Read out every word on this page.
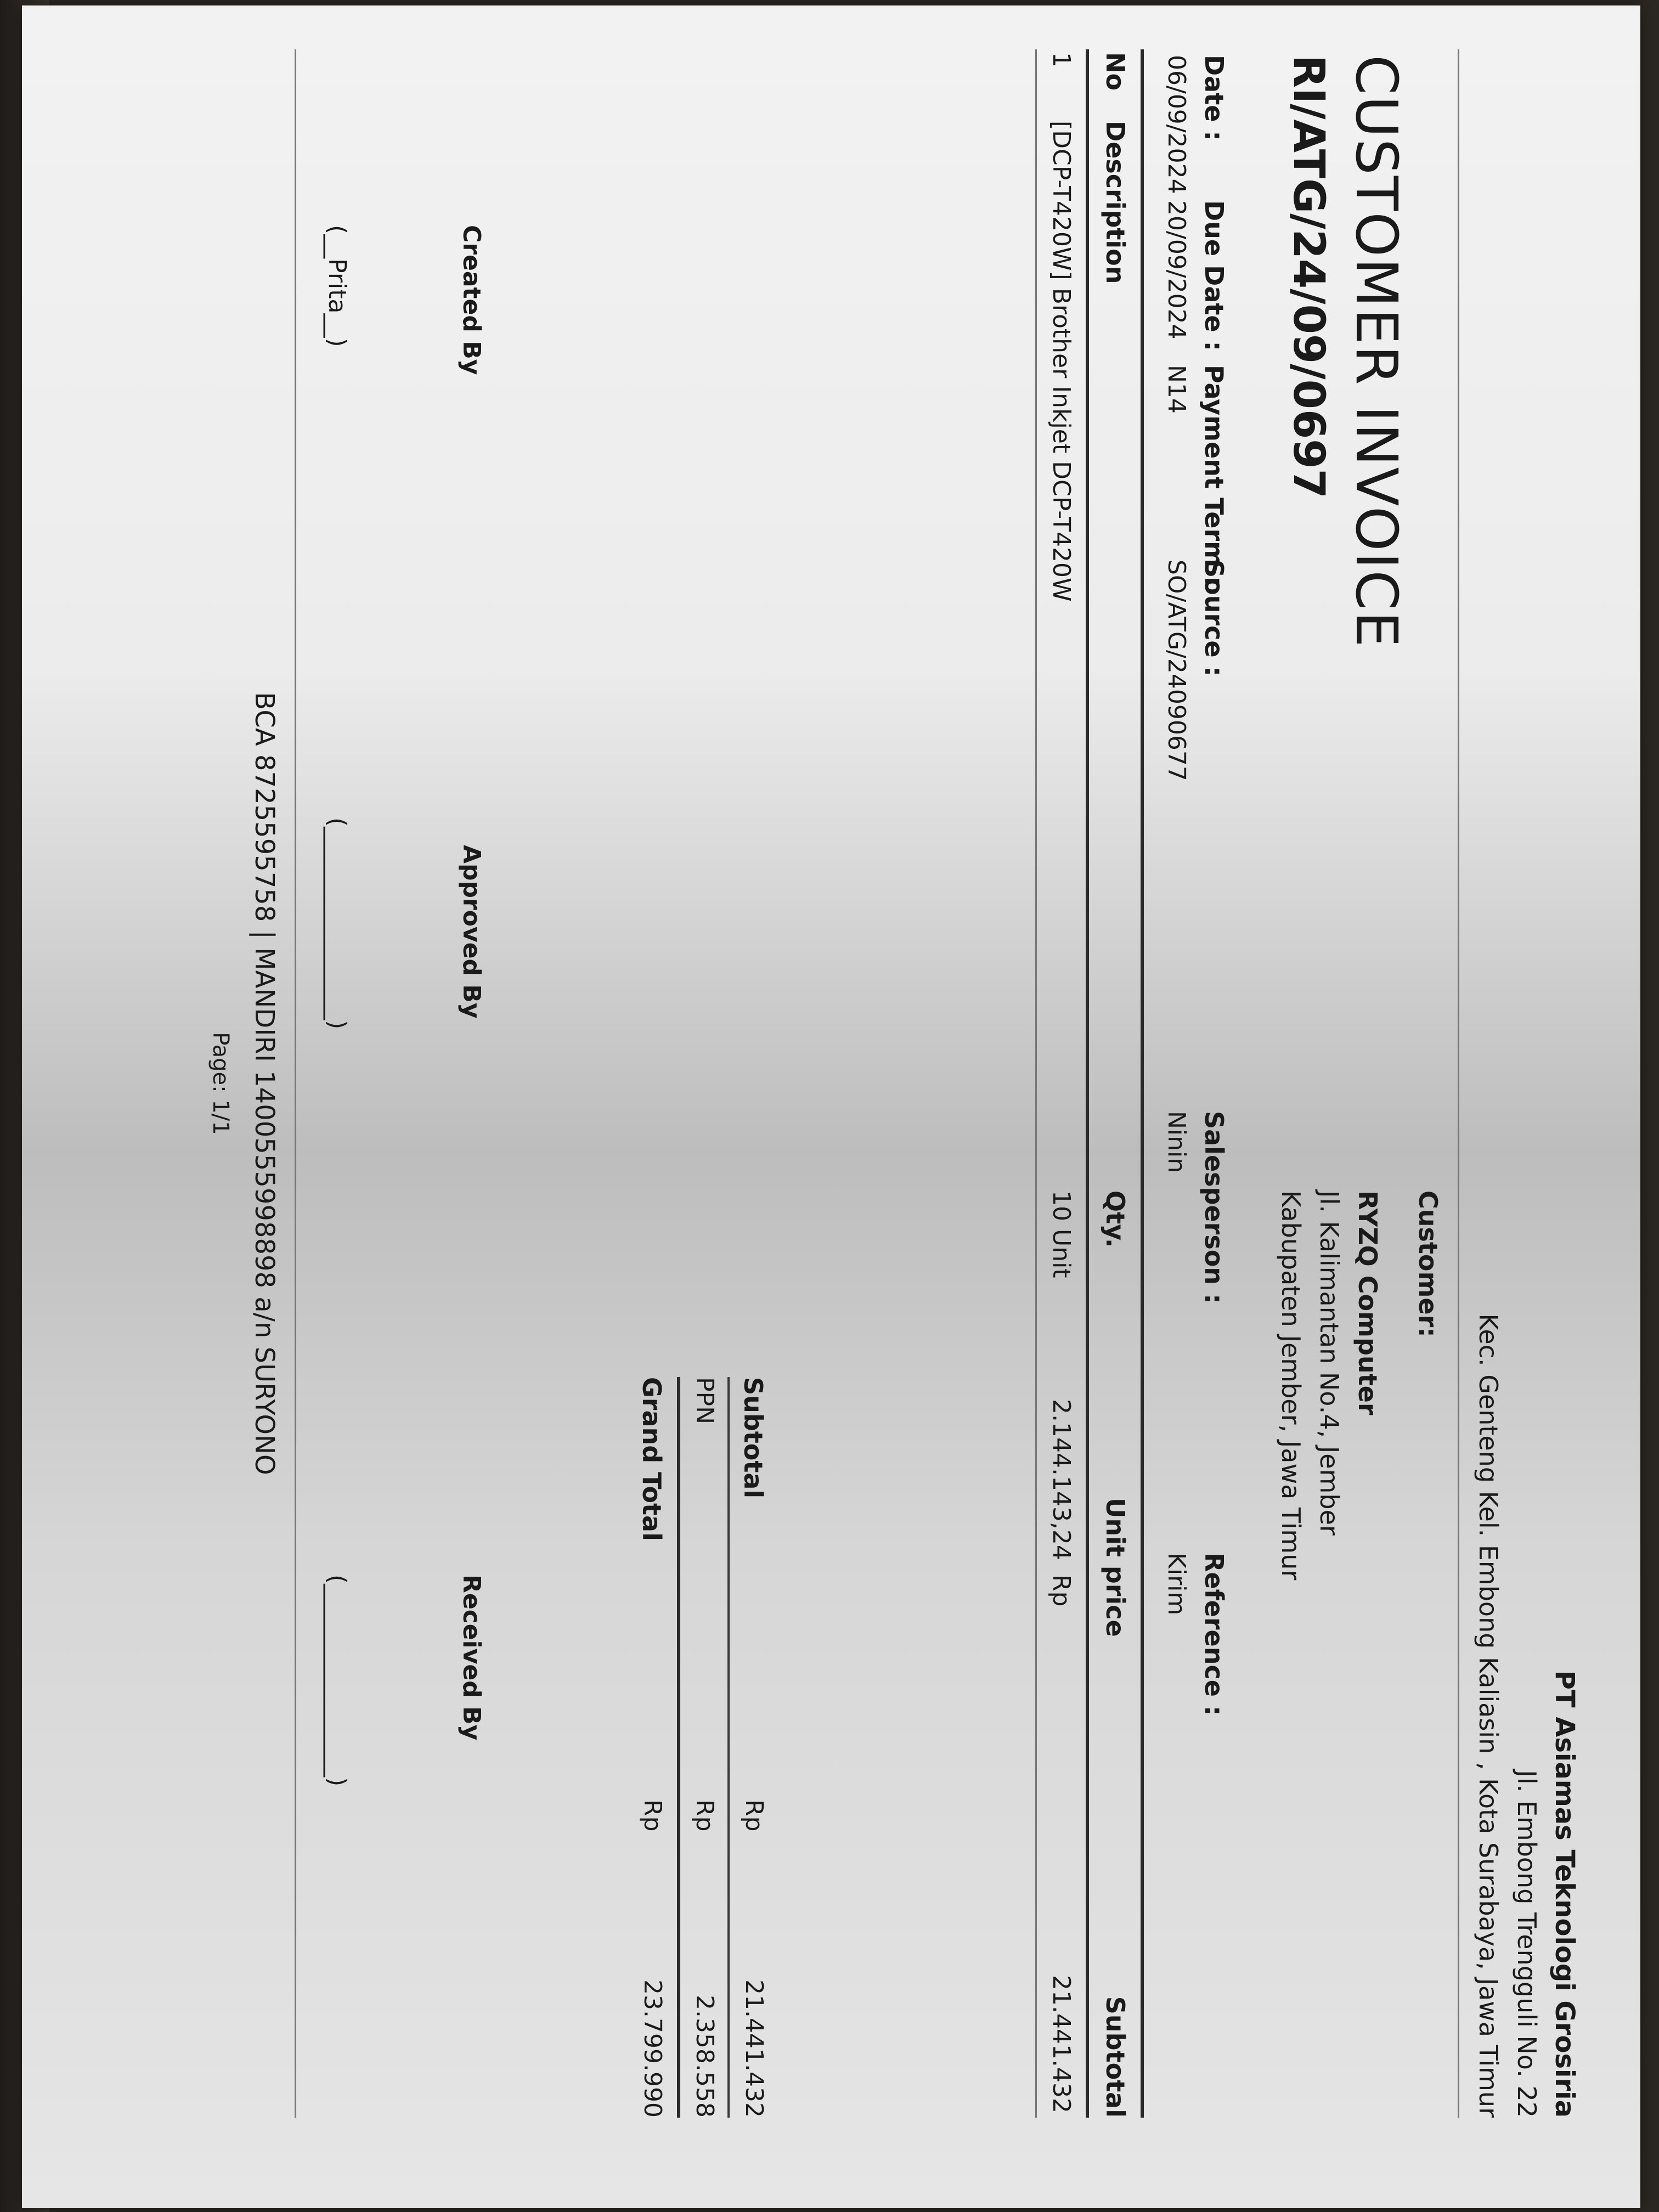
PT Asiamas Teknologi Grosiria
Jl. Embong Trengguli No. 22
Kec. Genteng Kel. Embong Kaliasin , Kota Surabaya, Jawa Timur
Customer:
RYZQ Computer
Jl. Kalimantan No.4, Jember
Kabupaten Jember, Jawa Timur
CUSTOMER INVOICE
RI/ATG/24/09/0697
Date :
06/09/2024
Due Date :
20/09/2024
Payment Term :
N14
Source :
SO/ATG/24090677
Salesperson :
Ninin
Reference :
Kirim
No
Description
Qty.
Unit price
Subtotal
1
[DCP-T420W] Brother Inkjet DCP-T420W
10 Unit
2.144.143,24
Rp
21.441.432
Subtotal
Rp
21.441.432
PPN
Rp
2.358.558
Grand Total
Rp
23.799.990
Created By
Approved By
Received By
(__Prita__)
(________________)
(________________)
BCA 8725595758 | MANDIRI 1400555998898 a/n SURYONO
Page: 1/1
